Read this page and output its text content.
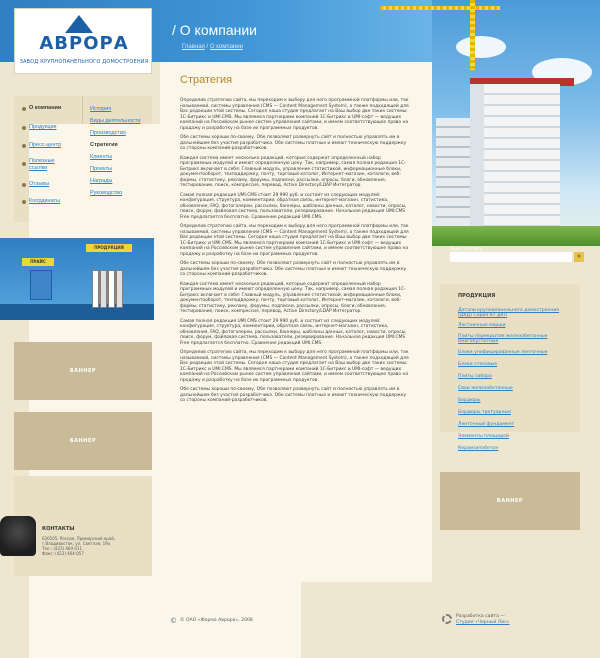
АВРОРА
ЗАВОД КРУПНОПАНЕЛЬНОГО ДОМОСТРОЕНИЯ
/ О компании
Главная / О компании
Поиск по сайту
»
О компании
Продукция
Пресс-центр
Полезные ссылки
Отзывы
Координаты
История
Виды деятельности
Производство
Стратегия
Клиенты
Проекты
Награды
Руководство
ПРАЙС
ПРОДУКЦИЯ
БАННЕР
БАННЕР
КОНТАКТЫ
630105, Россия, Приморский край, г.Владивосток, ул. Светлая, 19а
Тел.: (423) 464-011
Факс: (423) 464-057
Стратегия

Определив стратегию сайта, мы переходим к выбору для него программной платформы или, так называемой, системы управления (CMS — Content Management System), а также подходящей для Вас редакции этой системы. Сегодня наша студия предлагает на Ваш выбор две таких системы: 1С-Битрикс и UMI.CMS. Мы являемся партнерами компаний 1С-Битрикс и UMI-софт — ведущих компаний на Российском рынке систем управления сайтами, и имеем соответствующее право на продажу и разработку на базе их программных продуктов.

Обе системы хороши по-своему. Обе позволяют развернуть сайт и полностью управлять им в дальнейшем без участия разработчика. Обе системы платные и имеют техническую поддержку со стороны компаний-разработчиков.

Каждая система имеет несколько редакций, которые содержат определенный набор программных модулей и имеют определенную цену. Так, например, самая полная редакция 1С-Битрикс включает в себя: Главный модуль, управление статистикой, информационные блоки, документооборот, техподдержку, почту, торговый каталог, Интернет-магазин, каталоги, веб-формы, статистику, рекламу, форумы, подписки, рассылки, опросы, блоги, обновления, тестирование, поиск, компрессия, перевод, Active Directory/LDAP Интегратор.

Самая полная редакция UMI.CMS стоит 29 990 руб. и состоит из следующих модулей: конфигурация, структура, комментарии, обратная связь, интернет-магазин, статистика, обновления, FAQ, фотогалереи, рассылки, баннеры, шаблоны данных, каталог, новости, опросы, поиск, форум, файловая система, пользователи, резервирование. Начальная редакция UMI.CMS Free предлагается бесплатно. Сравнение редакций UMI.CMS.

Определив стратегию сайта, мы переходим к выбору для него программной платформы или, так называемой, системы управления (CMS — Content Management System), а также подходящей для Вас редакции этой системы. Сегодня наша студия предлагает на Ваш выбор две таких системы: 1С-Битрикс и UMI.CMS. Мы являемся партнерами компаний 1С-Битрикс и UMI-софт — ведущих компаний на Российском рынке систем управления сайтами, и имеем соответствующее право на продажу и разработку на базе их программных продуктов.

Обе системы хороши по-своему. Обе позволяют развернуть сайт и полностью управлять им в дальнейшем без участия разработчика. Обе системы платные и имеют техническую поддержку со стороны компаний-разработчиков.

Каждая система имеет несколько редакций, которые содержат определенный набор программных модулей и имеют определенную цену. Так, например, самая полная редакция 1С-Битрикс включает в себя: Главный модуль, управление статистикой, информационные блоки, документооборот, техподдержку, почту, торговый каталог, Интернет-магазин, каталоги, веб-формы, статистику, рекламу, форумы, подписки, рассылки, опросы, блоги, обновления, тестирование, поиск, компрессия, перевод, Active Directory/LDAP Интегратор.

Самая полная редакция UMI.CMS стоит 29 990 руб. и состоит из следующих модулей: конфигурация, структура, комментарии, обратная связь, интернет-магазин, статистика, обновления, FAQ, фотогалереи, рассылки, баннеры, шаблоны данных, каталог, новости, опросы, поиск, форум, файловая система, пользователи, резервирование. Начальная редакция UMI.CMS Free предлагается бесплатно. Сравнение редакций UMI.CMS.

Определив стратегию сайта, мы переходим к выбору для него программной платформы или, так называемой, системы управления (CMS — Content Management System), а также подходящей для Вас редакции этой системы. Сегодня наша студия предлагает на Ваш выбор две таких системы: 1С-Битрикс и UMI.CMS. Мы являемся партнерами компаний 1С-Битрикс и UMI-софт — ведущих компаний на Российском рынке систем управления сайтами, и имеем соответствующее право на продажу и разработку на базе их программных продуктов.

Обе системы хороши по-своему. Обе позволяют развернуть сайт и полностью управлять им в дальнейшем без участия разработчика. Обе системы платные и имеют техническую поддержку со стороны компаний-разработчиков.

ПРОДУКЦИЯ
Детали крупнопанельного домостроения (ДКД) Серия 97 ДКП
Лестничные марши
Плиты перекрытия железобетонные многопустотные
Блоки унифицированные ленточные
Блоки стеновые
Плиты забора
Сваи железобетонные
Бордюры
Бордюры тротуарные
Ленточный фундамент
Элементы площадей
Керамзитобетон
БАННЕР
© © ОАО «Форма Аврора», 2008
Разработка сайта —
Студия «Черный Лис»
